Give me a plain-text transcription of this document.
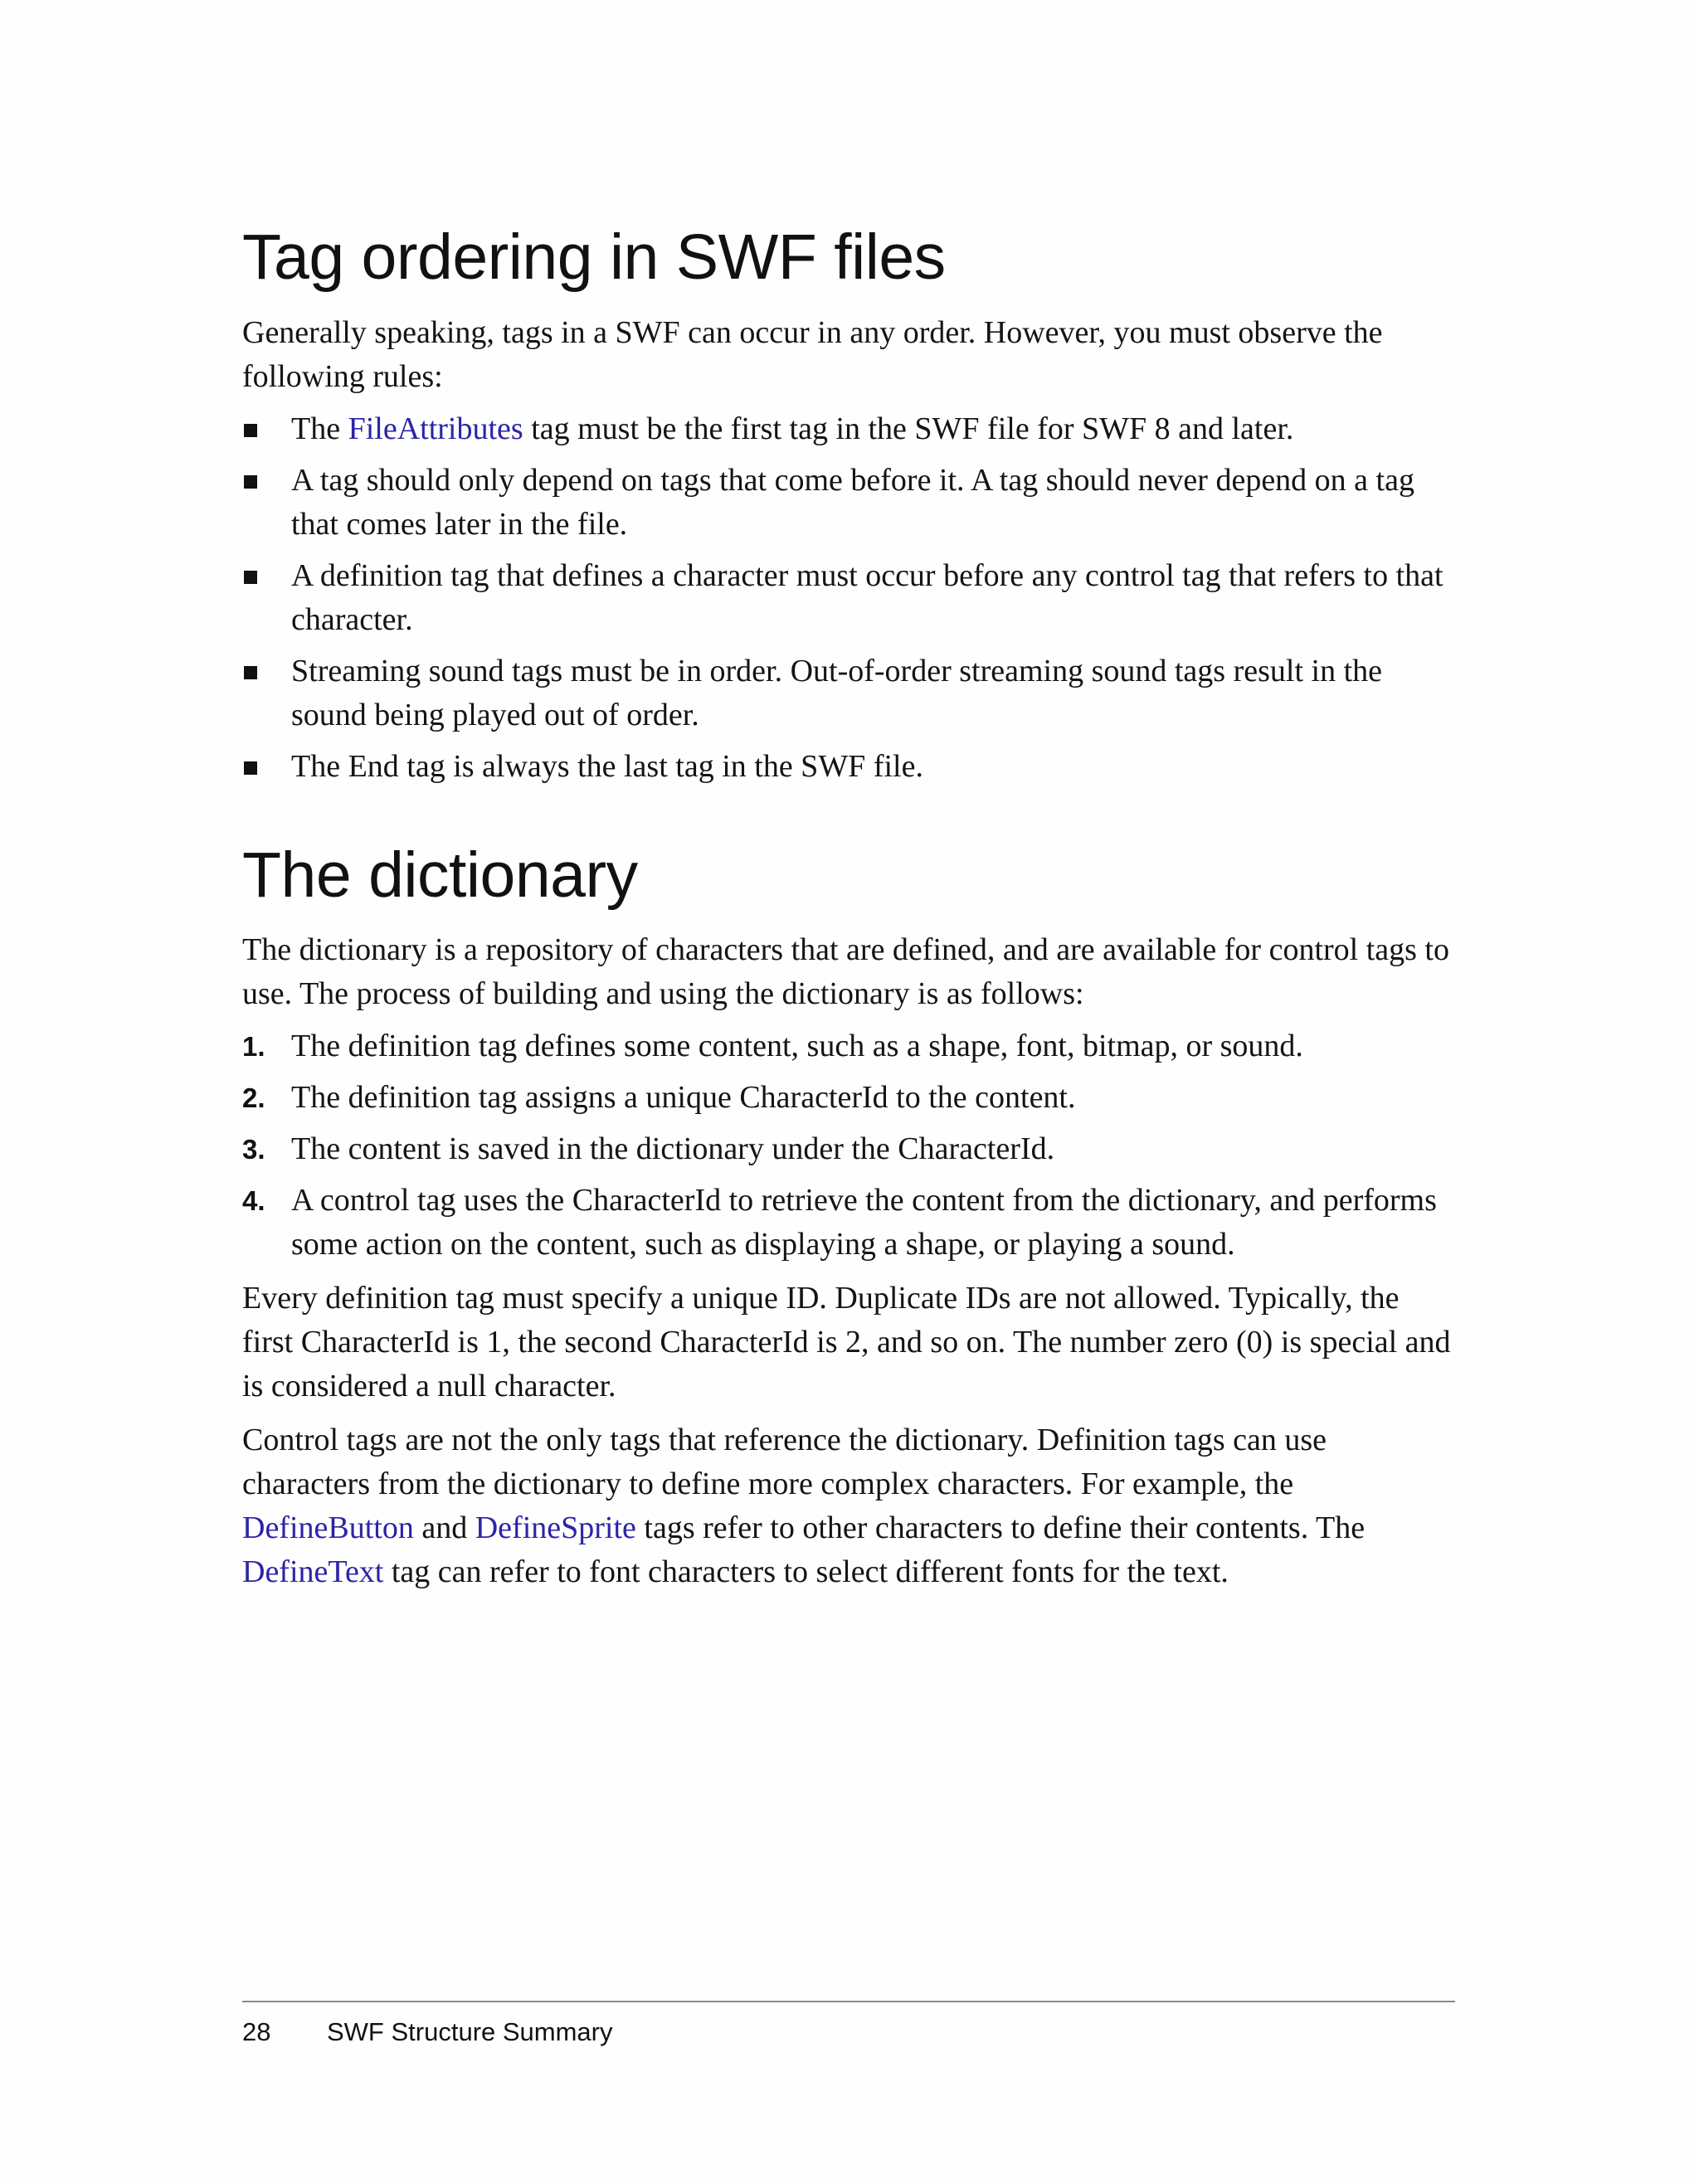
Tag ordering in SWF files

Generally speaking, tags in a SWF can occur in any order. However, you must observe the following rules:

The FileAttributes tag must be the first tag in the SWF file for SWF 8 and later.
A tag should only depend on tags that come before it. A tag should never depend on a tag that comes later in the file.
A definition tag that defines a character must occur before any control tag that refers to that character.
Streaming sound tags must be in order. Out-of-order streaming sound tags result in the sound being played out of order.
The End tag is always the last tag in the SWF file.
The dictionary

The dictionary is a repository of characters that are defined, and are available for control tags to use. The process of building and using the dictionary is as follows:

1. The definition tag defines some content, such as a shape, font, bitmap, or sound.
2. The definition tag assigns a unique CharacterId to the content.
3. The content is saved in the dictionary under the CharacterId.
4. A control tag uses the CharacterId to retrieve the content from the dictionary, and performs some action on the content, such as displaying a shape, or playing a sound.

Every definition tag must specify a unique ID. Duplicate IDs are not allowed. Typically, the first CharacterId is 1, the second CharacterId is 2, and so on. The number zero (0) is special and is considered a null character.

Control tags are not the only tags that reference the dictionary. Definition tags can use characters from the dictionary to define more complex characters. For example, the DefineButton and DefineSprite tags refer to other characters to define their contents. The DefineText tag can refer to font characters to select different fonts for the text.

28 SWF Structure Summary
